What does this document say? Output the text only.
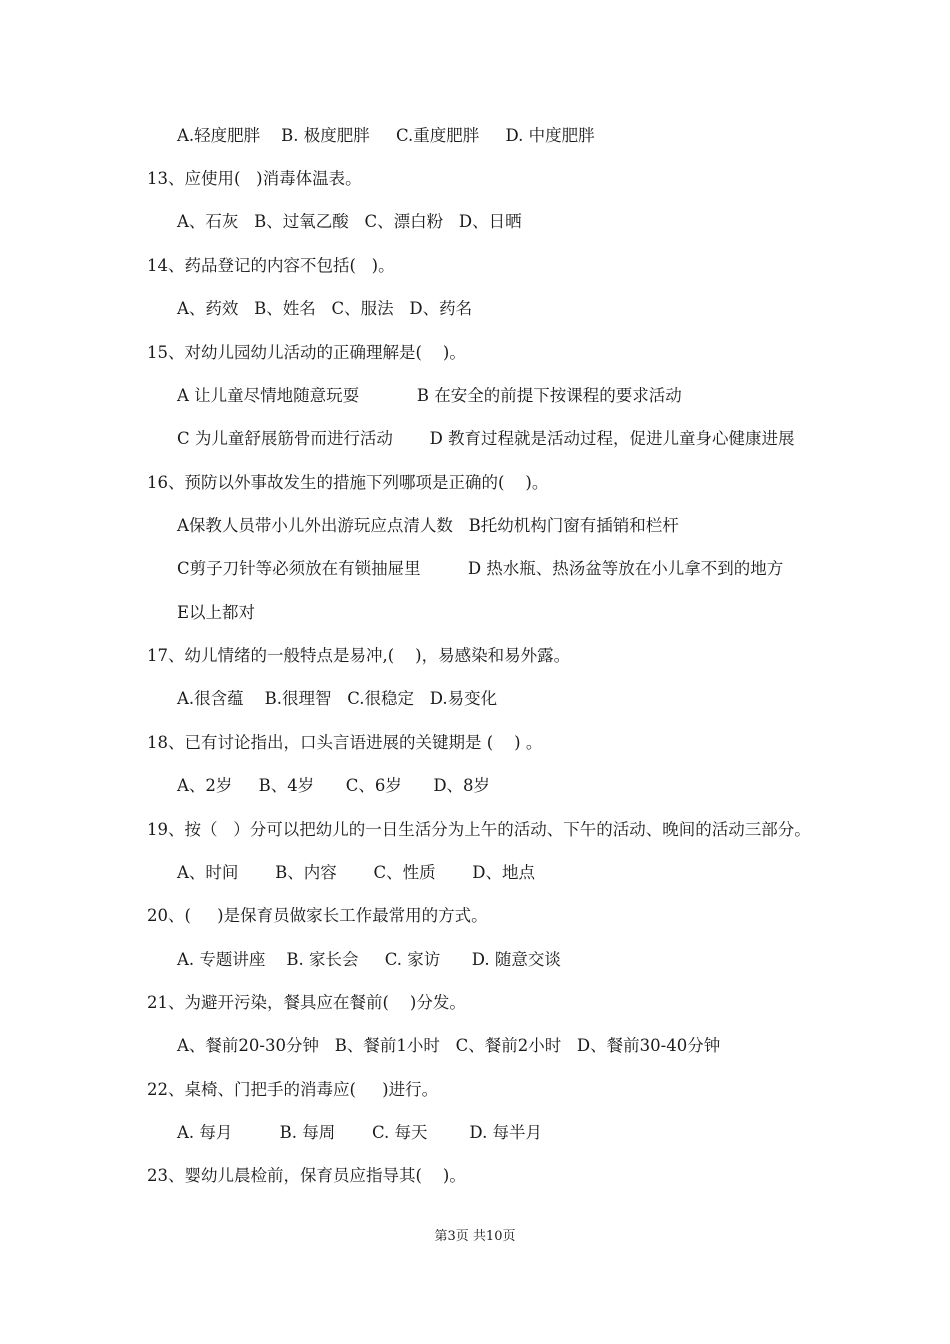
A.轻度肥胖    B. 极度肥胖     C.重度肥胖     D. 中度肥胖
13、应使用(   )消毒体温表。
A、石灰   B、过氧乙酸   C、漂白粉   D、日晒
14、药品登记的内容不包括(   )。
A、药效   B、姓名   C、服法   D、药名
15、对幼儿园幼儿活动的正确理解是(    )。
A 让儿童尽情地随意玩耍           B 在安全的前提下按课程的要求活动
C 为儿童舒展筋骨而进行活动       D 教育过程就是活动过程，促进儿童身心健康进展
16、预防以外事故发生的措施下列哪项是正确的(    )。
A保教人员带小儿外出游玩应点清人数   B托幼机构门窗有插销和栏杆
C剪子刀针等必须放在有锁抽屉里         D 热水瓶、热汤盆等放在小儿拿不到的地方
E以上都对
17、幼儿情绪的一般特点是易冲,(    )，易感染和易外露。
A.很含蕴    B.很理智   C.很稳定   D.易变化
18、已有讨论指出，口头言语进展的关键期是 (    ) 。
A、2岁     B、4岁      C、6岁      D、8岁
19、按（   ）分可以把幼儿的一日生活分为上午的活动、下午的活动、晚间的活动三部分。
A、时间       B、内容       C、性质       D、地点
20、(     )是保育员做家长工作最常用的方式。
A. 专题讲座    B. 家长会     C. 家访      D. 随意交谈
21、为避开污染，餐具应在餐前(    )分发。
A、餐前20-30分钟   B、餐前1小时   C、餐前2小时   D、餐前30-40分钟
22、桌椅、门把手的消毒应(     )进行。
A. 每月         B. 每周       C. 每天        D. 每半月
23、婴幼儿晨检前，保育员应指导其(    )。
第3页 共10页
